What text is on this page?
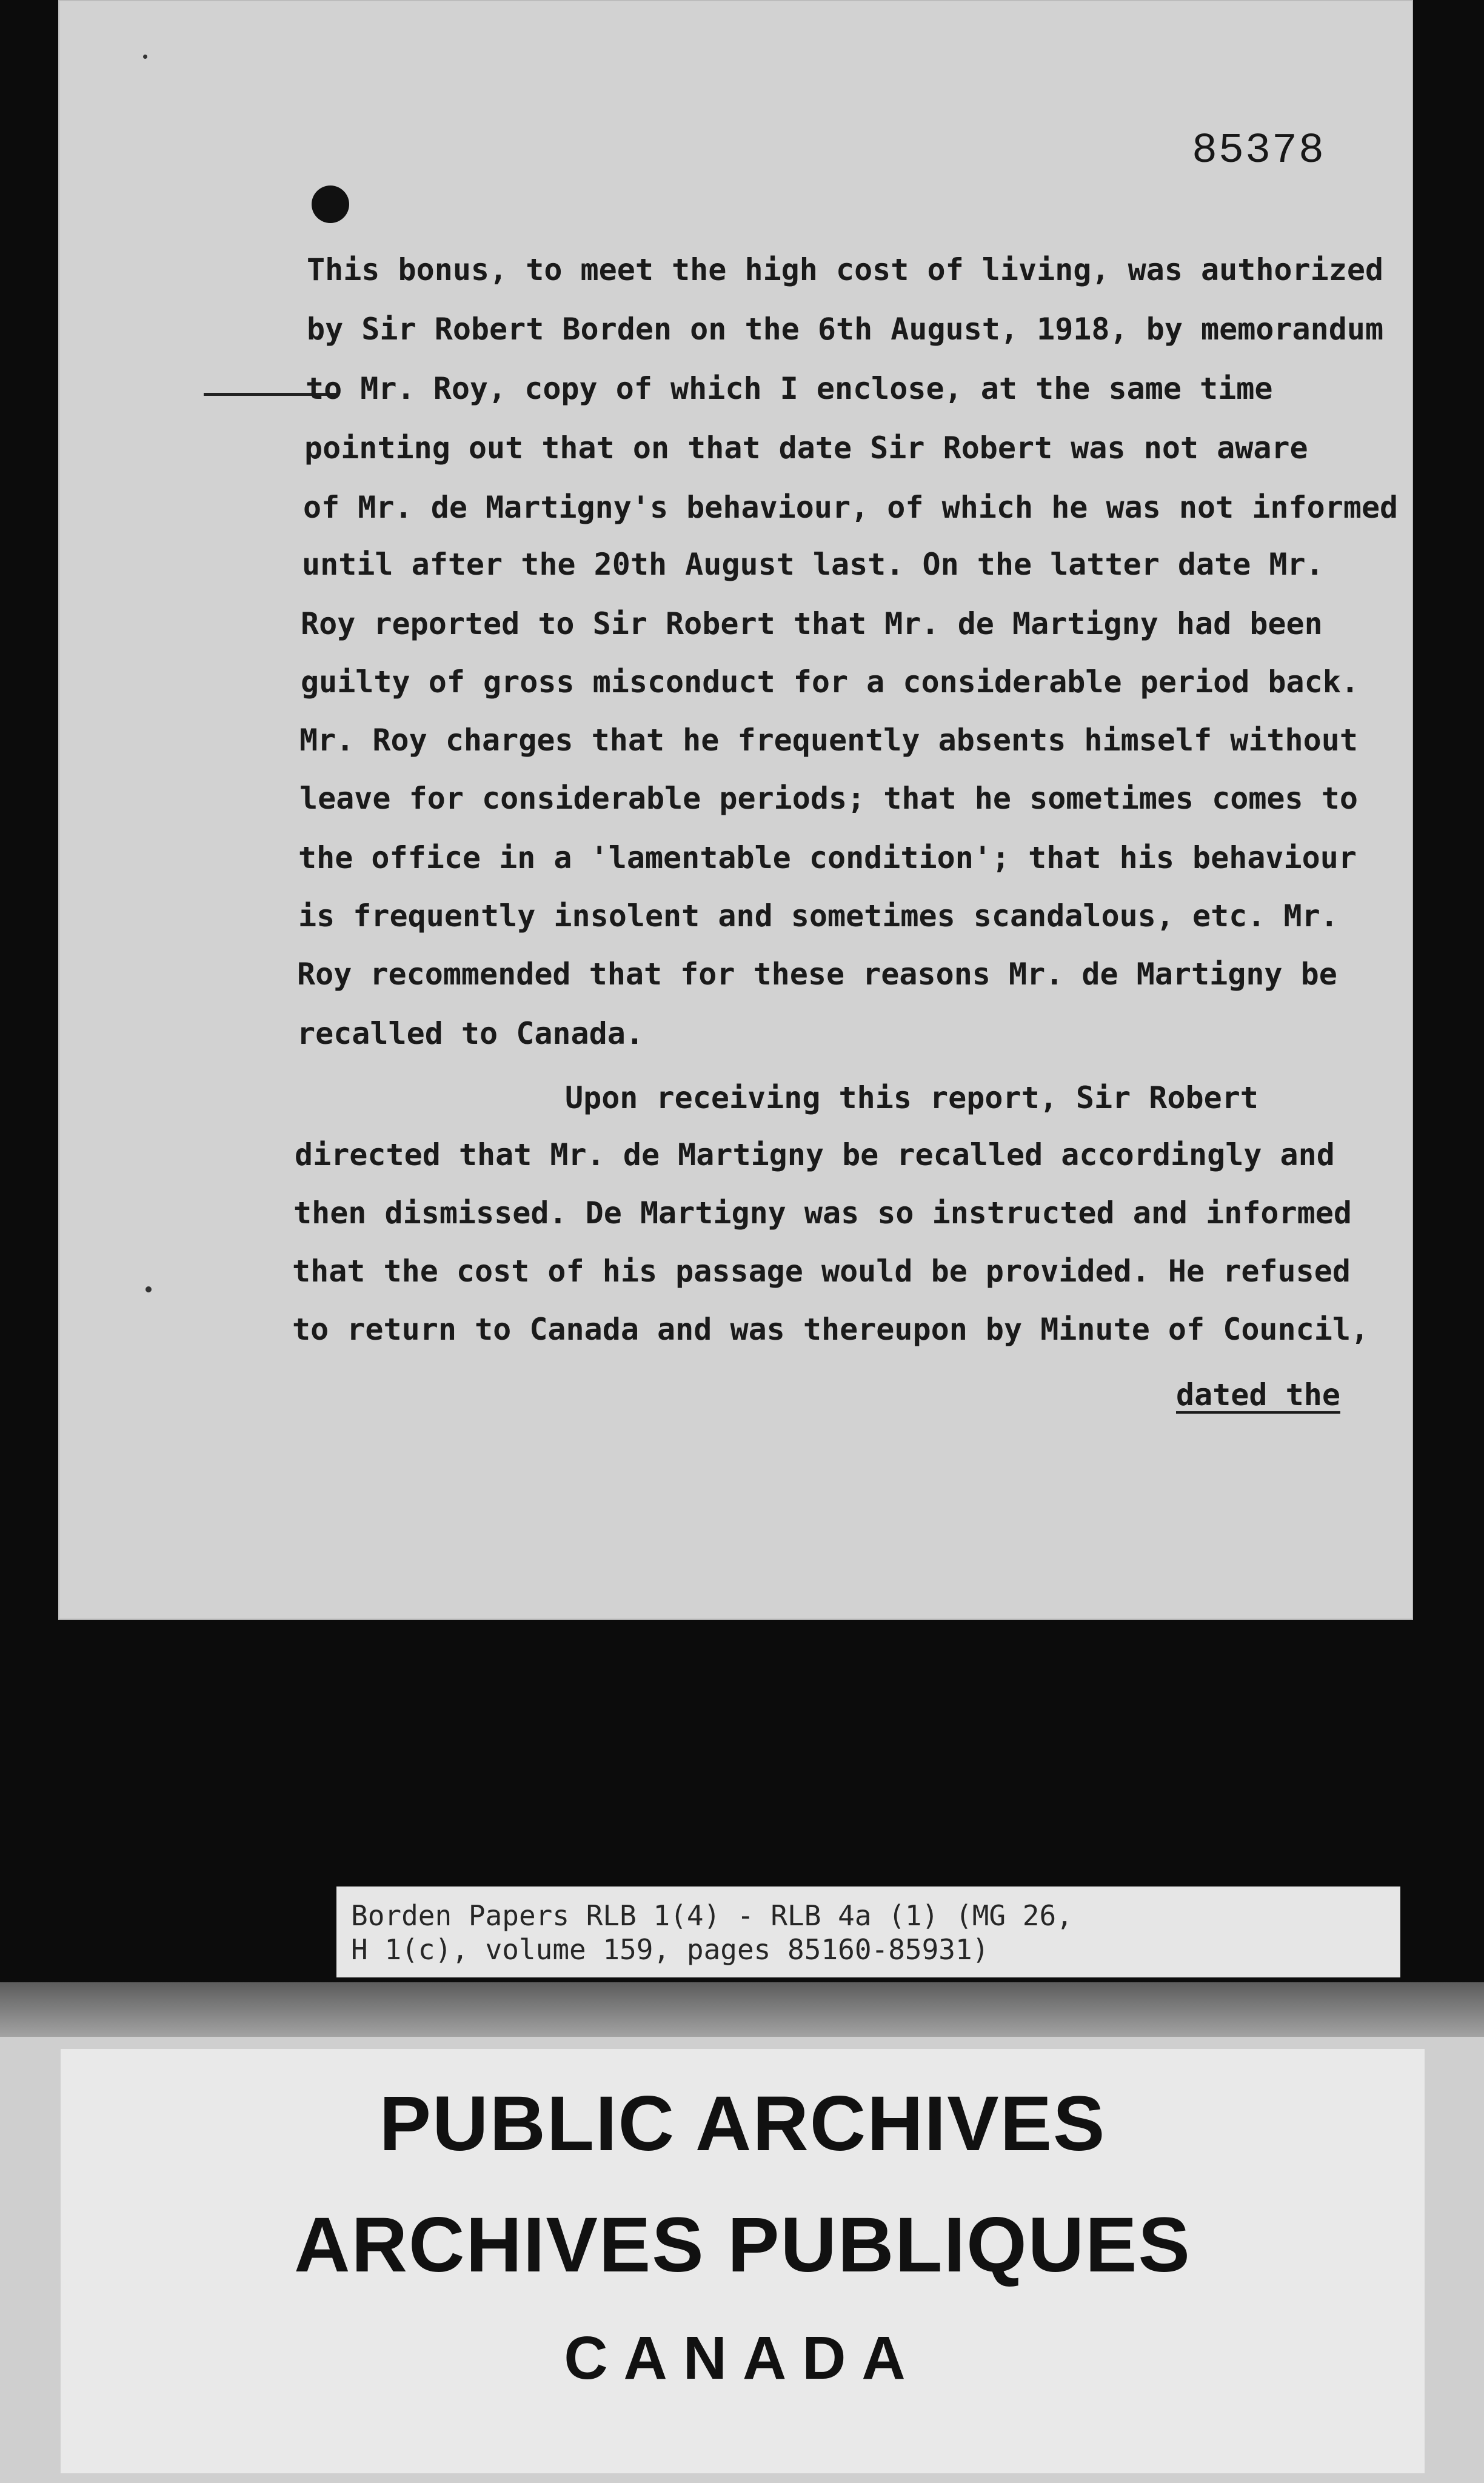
85378

This bonus, to meet the high cost of living, was authorized

by Sir Robert Borden on the 6th August, 1918, by memorandum

to Mr. Roy, copy of which I enclose, at the same time

pointing out that on that date Sir Robert was not aware

of Mr. de Martigny's behaviour, of which he was not informed

until after the 20th August last. On the latter date Mr.

Roy reported to Sir Robert that Mr. de Martigny had been

guilty of gross misconduct for a considerable period back.

Mr. Roy charges that he frequently absents himself without

leave for considerable periods; that he sometimes comes to

the office in a 'lamentable condition'; that his behaviour

is frequently insolent and sometimes scandalous, etc. Mr.

Roy recommended that for these reasons Mr. de Martigny be

recalled to Canada.

Upon receiving this report, Sir Robert

directed that Mr. de Martigny be recalled accordingly and

then dismissed. De Martigny was so instructed and informed

that the cost of his passage would be provided. He refused

to return to Canada and was thereupon by Minute of Council,

dated the

Borden Papers RLB 1(4) - RLB 4a (1) (MG 26,
H 1(c), volume 159, pages 85160-85931)
PUBLIC ARCHIVES
ARCHIVES PUBLIQUES
CANADA
